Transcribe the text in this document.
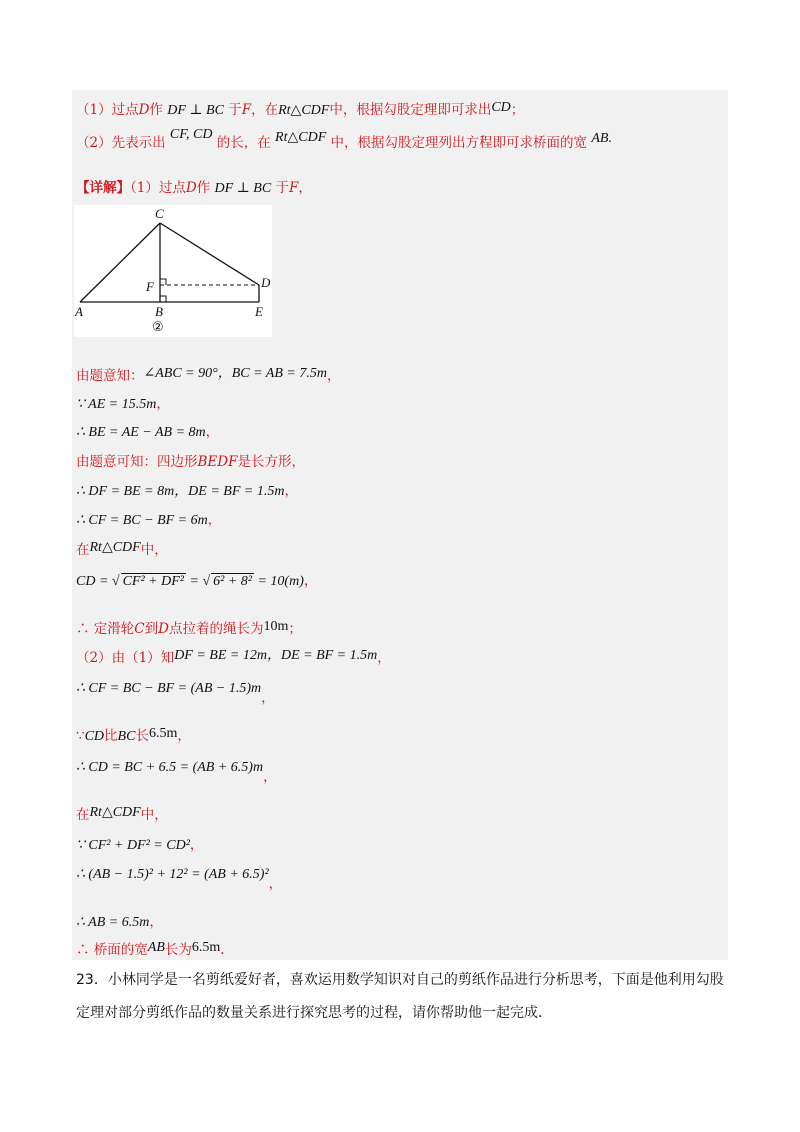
（1）过点D作 DF ⊥ BC 于F，在Rt△CDF中，根据勾股定理即可求出CD；
（2）先表示出 CF, CD 的长，在 Rt△CDF 中，根据勾股定理列出方程即可求桥面的宽 AB.
【详解】（1）过点D作 DF ⊥ BC 于F，
C
F	D
A	B	E
②
由题意知：∠ABC = 90°，BC = AB = 7.5m，
∵ AE = 15.5m，
∴ BE = AE − AB = 8m，
由题意可知：四边形BEDF是长方形，
∴ DF = BE = 8m，DE = BF = 1.5m，
∴ CF = BC − BF = 6m，
在Rt△CDF中，
CD = √ CF² + DF² = √ 6² + 8² = 10(m)，
∴ 定滑轮C到D点拉着的绳长为10m；
（2）由（1）知DF = BE = 12m，DE = BF = 1.5m，
∴ CF = BC − BF = (AB − 1.5)m，
∵CD比BC长6.5m，
∴ CD = BC + 6.5 = (AB + 6.5)m，
在Rt△CDF中，
∵ CF² + DF² = CD²，
∴ (AB − 1.5)² + 12² = (AB + 6.5)²，
∴ AB = 6.5m，
∴ 桥面的宽AB长为6.5m.
23．小林同学是一名剪纸爱好者，喜欢运用数学知识对自己的剪纸作品进行分析思考，下面是他利用勾股
定理对部分剪纸作品的数量关系进行探究思考的过程，请你帮助他一起完成．
